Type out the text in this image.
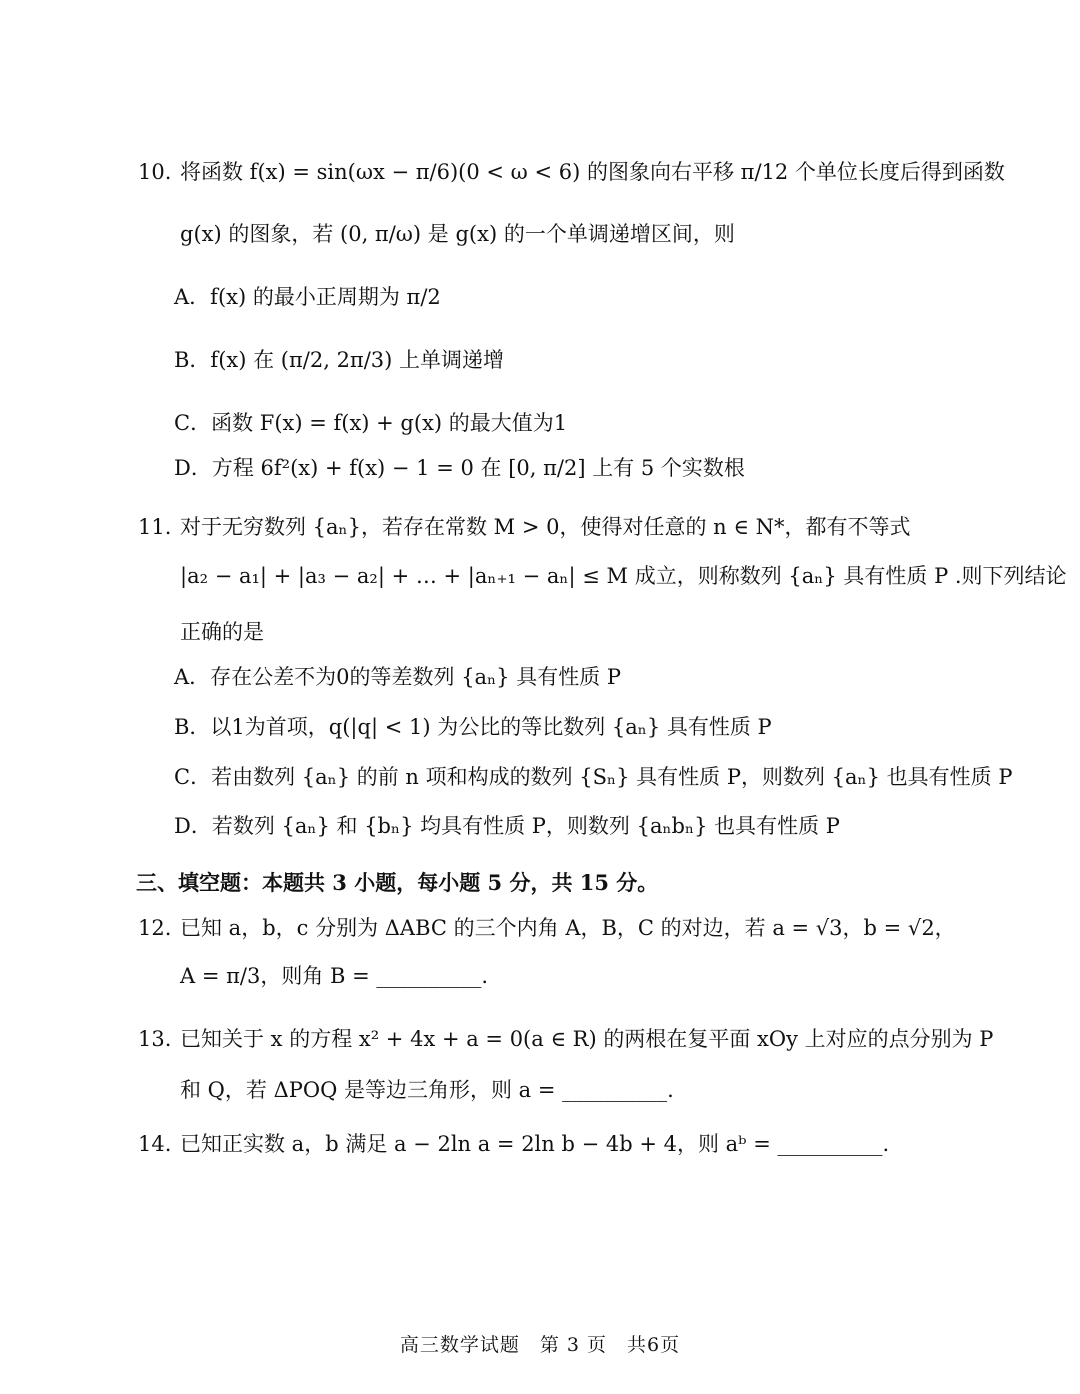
10. 将函数 f(x) = sin(ωx − π/6)(0 < ω < 6) 的图象向右平移 π/12 个单位长度后得到函数
g(x) 的图象，若 (0, π/ω) 是 g(x) 的一个单调递增区间，则
A．f(x) 的最小正周期为 π/2
B．f(x) 在 (π/2, 2π/3) 上单调递增
C．函数 F(x) = f(x) + g(x) 的最大值为1
D．方程 6f²(x) + f(x) − 1 = 0 在 [0, π/2] 上有 5 个实数根
11. 对于无穷数列 {aₙ}，若存在常数 M > 0，使得对任意的 n ∈ N*，都有不等式
|a₂ − a₁| + |a₃ − a₂| + … + |aₙ₊₁ − aₙ| ≤ M 成立，则称数列 {aₙ} 具有性质 P .则下列结论
正确的是
A．存在公差不为0的等差数列 {aₙ} 具有性质 P
B．以1为首项，q(|q| < 1) 为公比的等比数列 {aₙ} 具有性质 P
C．若由数列 {aₙ} 的前 n 项和构成的数列 {Sₙ} 具有性质 P，则数列 {aₙ} 也具有性质 P
D．若数列 {aₙ} 和 {bₙ} 均具有性质 P，则数列 {aₙbₙ} 也具有性质 P
三、填空题：本题共 3 小题，每小题 5 分，共 15 分。
12. 已知 a，b，c 分别为 ΔABC 的三个内角 A，B，C 的对边，若 a = √3，b = √2，
A = π/3，则角 B = __________.
13. 已知关于 x 的方程 x² + 4x + a = 0(a ∈ R) 的两根在复平面 xOy 上对应的点分别为 P
和 Q，若 ΔPOQ 是等边三角形，则 a = __________.
14. 已知正实数 a，b 满足 a − 2ln a = 2ln b − 4b + 4，则 aᵇ = __________.
高三数学试题　第 3 页　共6页
